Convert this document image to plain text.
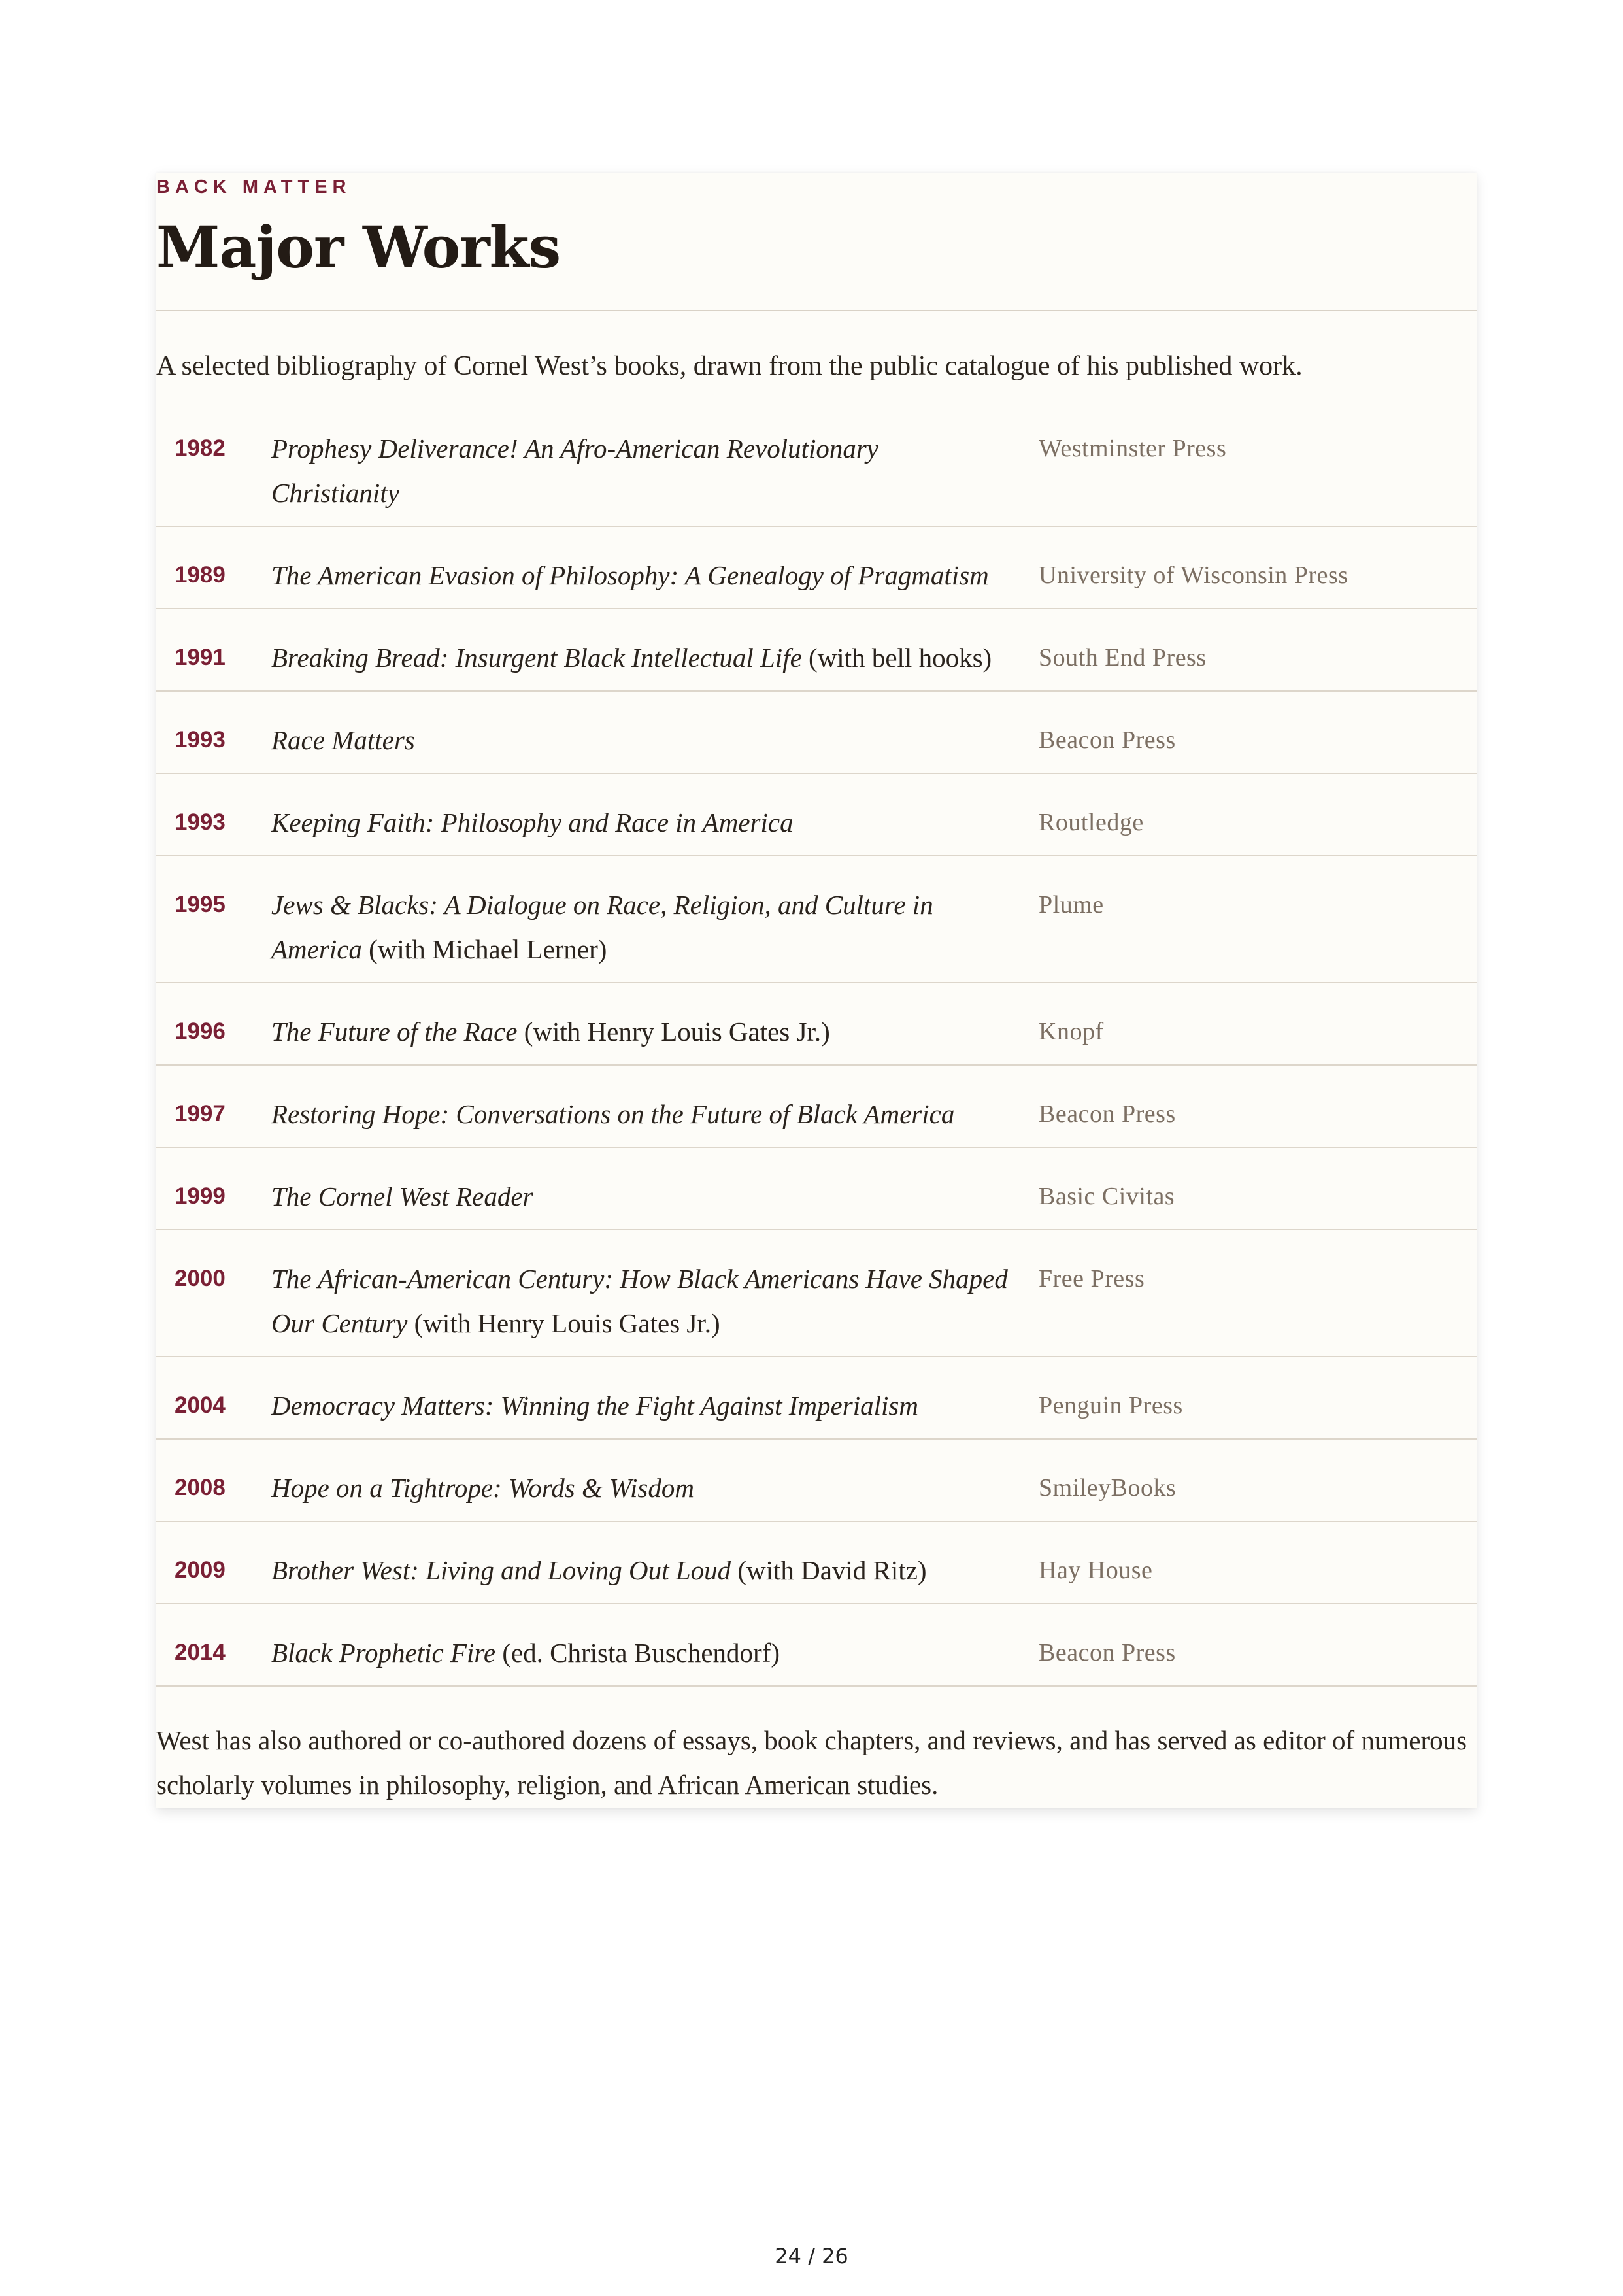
BACK MATTER

Major Works

A selected bibliography of Cornel West’s books, drawn from the public catalogue of his published work.

1982	Prophesy Deliverance! An Afro-American Revolutionary Christianity	Westminster Press

1989	The American Evasion of Philosophy: A Genealogy of Pragmatism	University of Wisconsin Press

1991	Breaking Bread: Insurgent Black Intellectual Life (with bell hooks)	South End Press

1993	Race Matters	Beacon Press

1993	Keeping Faith: Philosophy and Race in America	Routledge

1995	Jews & Blacks: A Dialogue on Race, Religion, and Culture in America (with Michael Lerner)	Plume

1996	The Future of the Race (with Henry Louis Gates Jr.)	Knopf

1997	Restoring Hope: Conversations on the Future of Black America	Beacon Press

1999	The Cornel West Reader	Basic Civitas

2000	The African-American Century: How Black Americans Have Shaped Our Century (with Henry Louis Gates Jr.)	Free Press

2004	Democracy Matters: Winning the Fight Against Imperialism	Penguin Press

2008	Hope on a Tightrope: Words & Wisdom	SmileyBooks

2009	Brother West: Living and Loving Out Loud (with David Ritz)	Hay House

2014	Black Prophetic Fire (ed. Christa Buschendorf)	Beacon Press

West has also authored or co-authored dozens of essays, book chapters, and reviews, and has served as editor of numerous scholarly volumes in philosophy, religion, and African American studies.

24 / 26
